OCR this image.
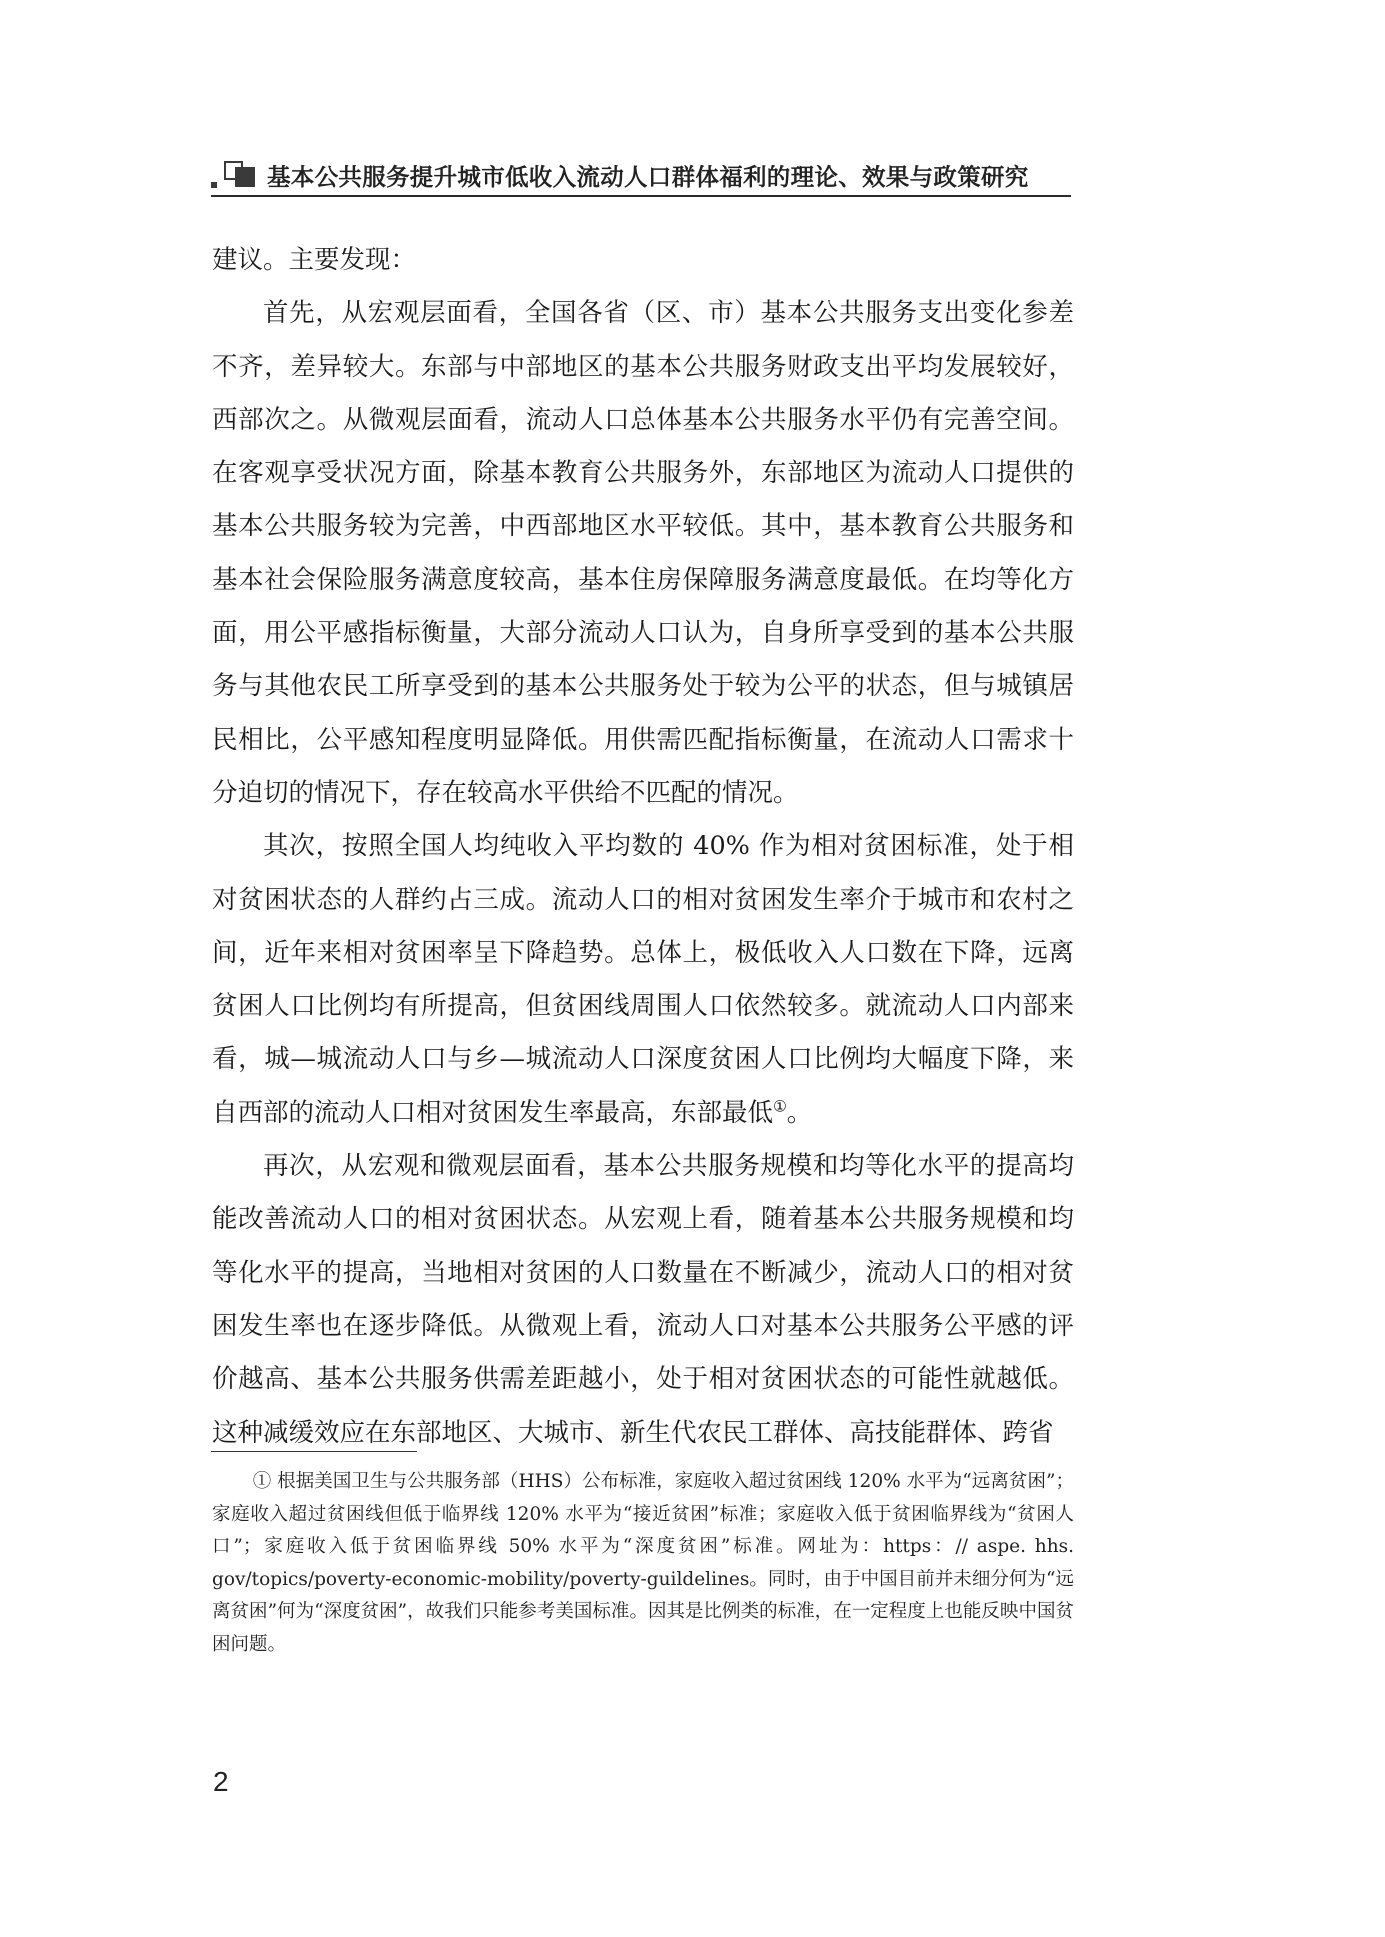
基本公共服务提升城市低收入流动人口群体福利的理论、效果与政策研究

建议。主要发现：

首先，从宏观层面看，全国各省（区、市）基本公共服务支出变化参差不齐，差异较大。东部与中部地区的基本公共服务财政支出平均发展较好，西部次之。从微观层面看，流动人口总体基本公共服务水平仍有完善空间。在客观享受状况方面，除基本教育公共服务外，东部地区为流动人口提供的基本公共服务较为完善，中西部地区水平较低。其中，基本教育公共服务和基本社会保险服务满意度较高，基本住房保障服务满意度最低。在均等化方面，用公平感指标衡量，大部分流动人口认为，自身所享受到的基本公共服务与其他农民工所享受到的基本公共服务处于较为公平的状态，但与城镇居民相比，公平感知程度明显降低。用供需匹配指标衡量，在流动人口需求十分迫切的情况下，存在较高水平供给不匹配的情况。

其次，按照全国人均纯收入平均数的 40% 作为相对贫困标准，处于相对贫困状态的人群约占三成。流动人口的相对贫困发生率介于城市和农村之间，近年来相对贫困率呈下降趋势。总体上，极低收入人口数在下降，远离贫困人口比例均有所提高，但贫困线周围人口依然较多。就流动人口内部来看，城—城流动人口与乡—城流动人口深度贫困人口比例均大幅度下降，来自西部的流动人口相对贫困发生率最高，东部最低①。

再次，从宏观和微观层面看，基本公共服务规模和均等化水平的提高均能改善流动人口的相对贫困状态。从宏观上看，随着基本公共服务规模和均等化水平的提高，当地相对贫困的人口数量在不断减少，流动人口的相对贫困发生率也在逐步降低。从微观上看，流动人口对基本公共服务公平感的评价越高、基本公共服务供需差距越小，处于相对贫困状态的可能性就越低。这种减缓效应在东部地区、大城市、新生代农民工群体、高技能群体、跨省

① 根据美国卫生与公共服务部（HHS）公布标准，家庭收入超过贫困线 120% 水平为“远离贫困”；家庭收入超过贫困线但低于临界线 120% 水平为“接近贫困”标准；家庭收入低于贫困临界线为“贫困人口”；家庭收入低于贫困临界线 50% 水平为“深度贫困”标准。网址为：https：// aspe. hhs. gov/topics/poverty-economic-mobility/poverty-guildelines。同时，由于中国目前并未细分何为“远离贫困”何为“深度贫困”，故我们只能参考美国标准。因其是比例类的标准，在一定程度上也能反映中国贫困问题。

2
